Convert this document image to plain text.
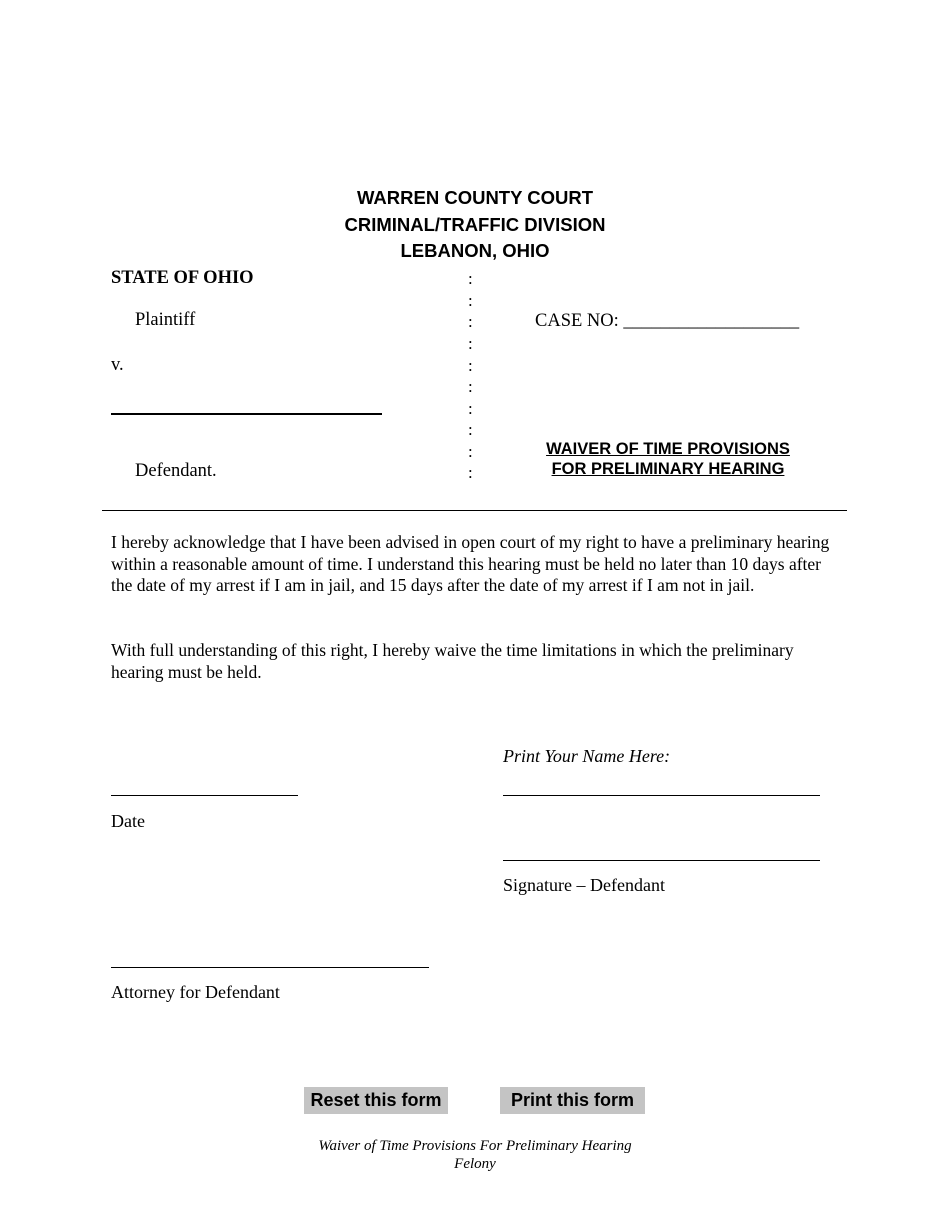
WARREN COUNTY COURT
CRIMINAL/TRAFFIC DIVISION
LEBANON, OHIO
STATE OF OHIO
Plaintiff
v.
Defendant.
:
:
:
:
:
:
:
:
:
:
CASE NO: ___________________
WAIVER OF TIME PROVISIONS
FOR PRELIMINARY HEARING
I hereby acknowledge that I have been advised in open court of my right to have a preliminary hearing within a reasonable amount of time. I understand this hearing must be held no later than 10 days after the date of my arrest if I am in jail, and 15 days after the date of my arrest if I am not in jail.
With full understanding of this right, I hereby waive the time limitations in which the preliminary hearing must be held.
Print Your Name Here:
Date
Signature – Defendant
Attorney for Defendant
Reset this form	Print this form
Waiver of Time Provisions For Preliminary Hearing
Felony
